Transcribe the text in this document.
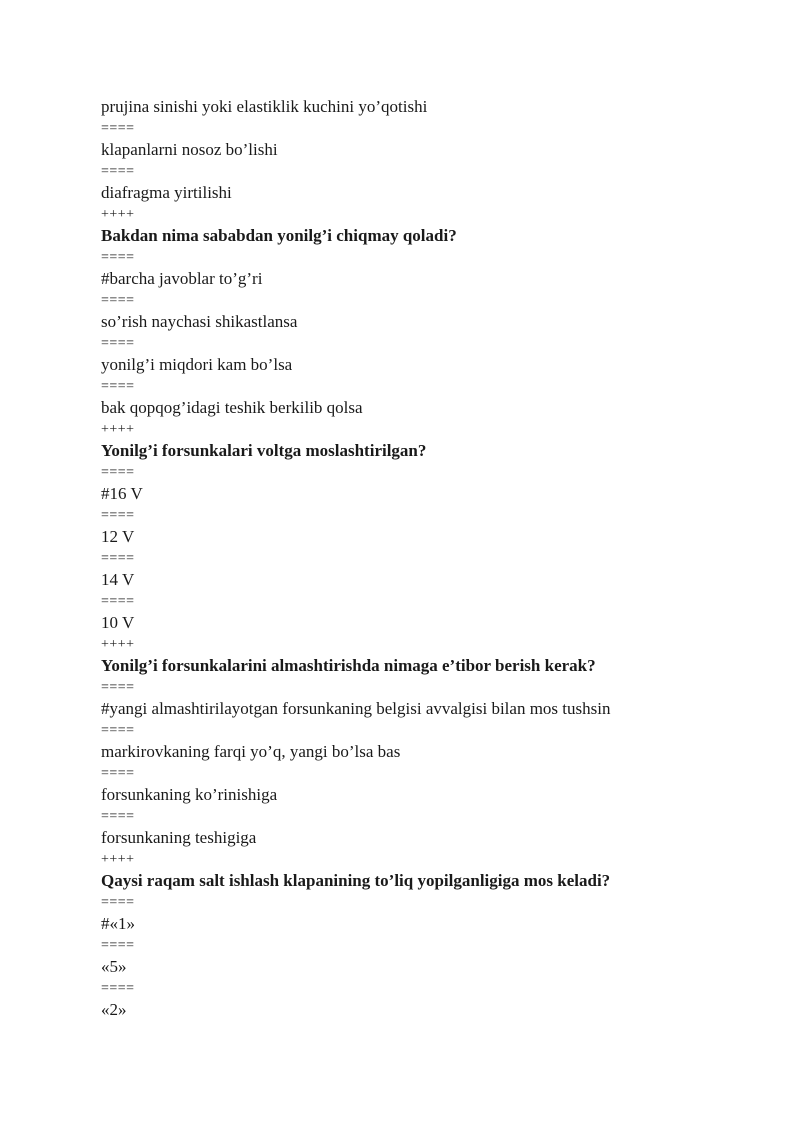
prujina sinishi yoki elastiklik kuchini yo’qotishi
====
klapanlarni nosoz bo’lishi
====
diafragma yirtilishi
++++
Bakdan nima sababdan yonilg’i chiqmay qoladi?
====
#barcha javoblar to’g’ri
====
so’rish naychasi shikastlansa
====
yonilg’i miqdori kam bo’lsa
====
bak qopqog’idagi teshik berkilib qolsa
++++
Yonilg’i forsunkalari voltga moslashtirilgan?
====
#16 V
====
12 V
====
14 V
====
10 V
++++
Yonilg’i forsunkalarini almashtirishda nimaga e’tibor berish kerak?
====
#yangi almashtirilayotgan forsunkaning belgisi avvalgisi bilan mos tushsin
====
markirovkaning farqi yo’q, yangi bo’lsa bas
====
forsunkaning ko’rinishiga
====
forsunkaning teshigiga
++++
Qaysi raqam salt ishlash klapanining to’liq yopilganligiga mos keladi?
====
#«1»
====
«5»
====
«2»
